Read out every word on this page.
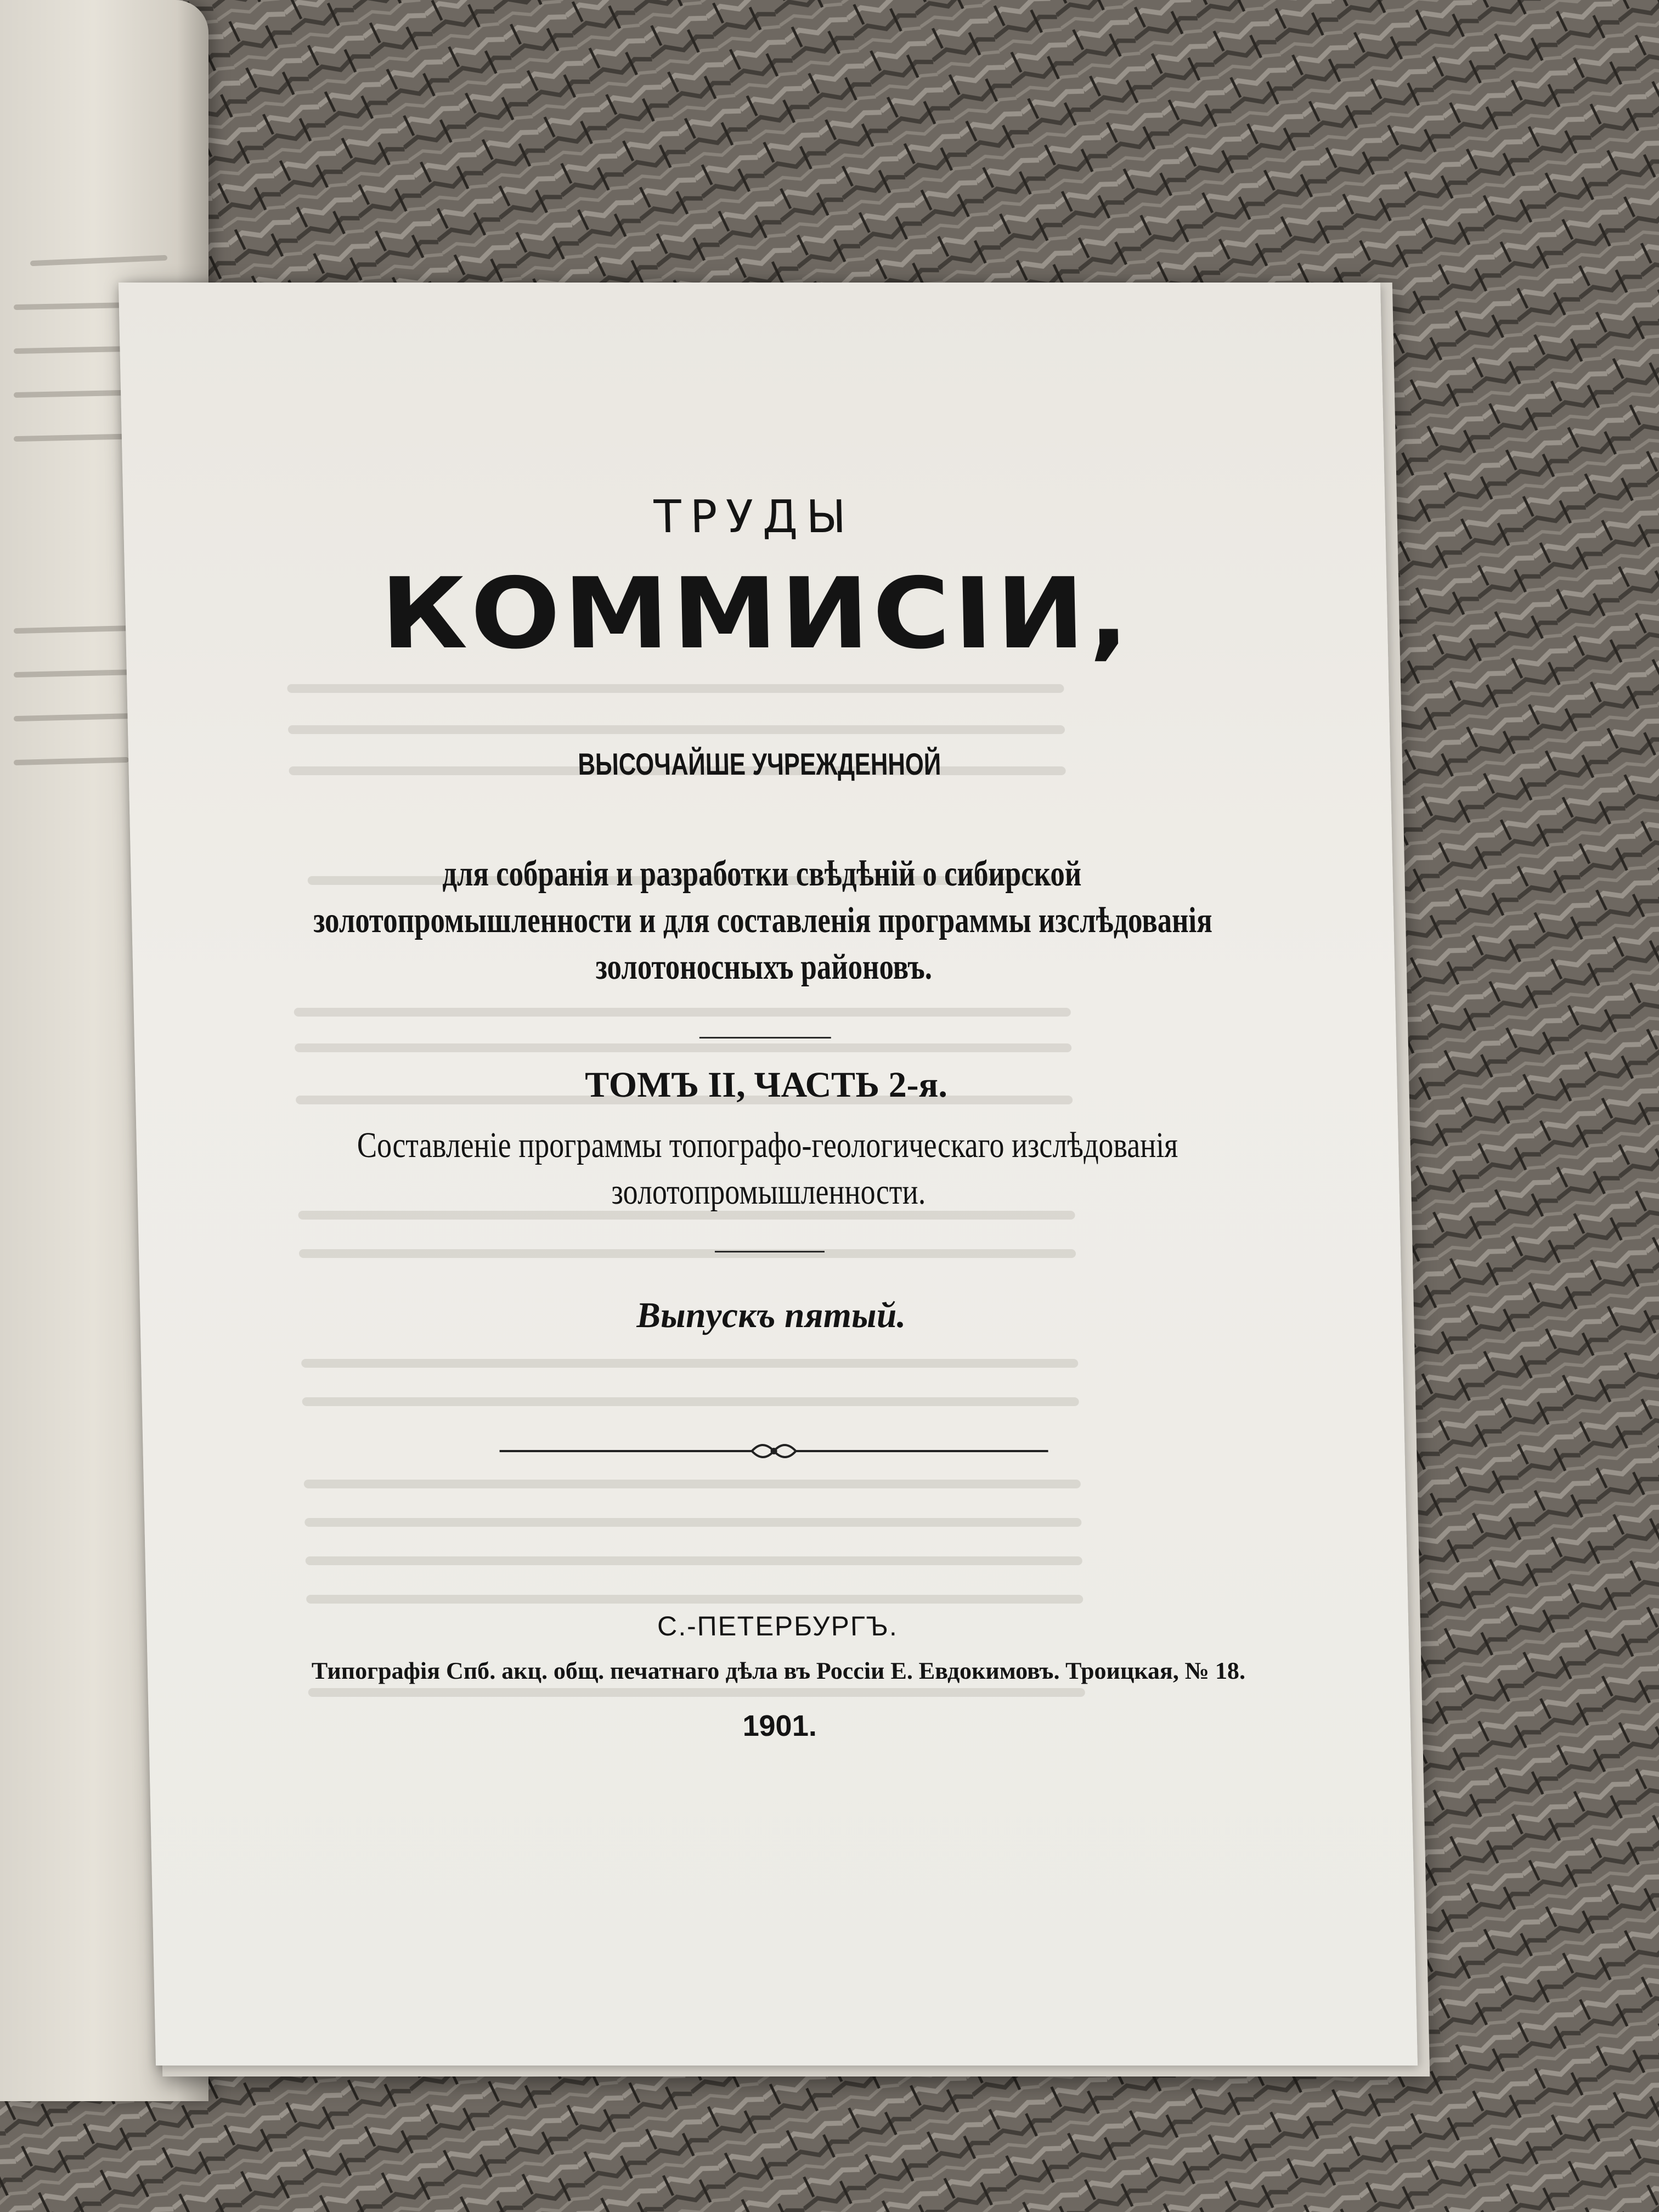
ТРУДЫ

КОММИСІИ,

ВЫСОЧАЙШЕ УЧРЕЖДЕННОЙ

для собранія и разработки свѣдѣній о сибирской

золотопромышленности и для составленія программы изслѣдованія

золотоносныхъ районовъ.

ТОМЪ II, ЧАСТЬ 2-я.

Составленіе программы топографо-геологическаго изслѣдованія

золотопромышленности.

Выпускъ пятый.

С.-ПЕТЕРБУРГЪ.

Типографія Спб. акц. общ. печатнаго дѣла въ Россіи Е. Евдокимовъ. Троицкая, № 18.

1901.
